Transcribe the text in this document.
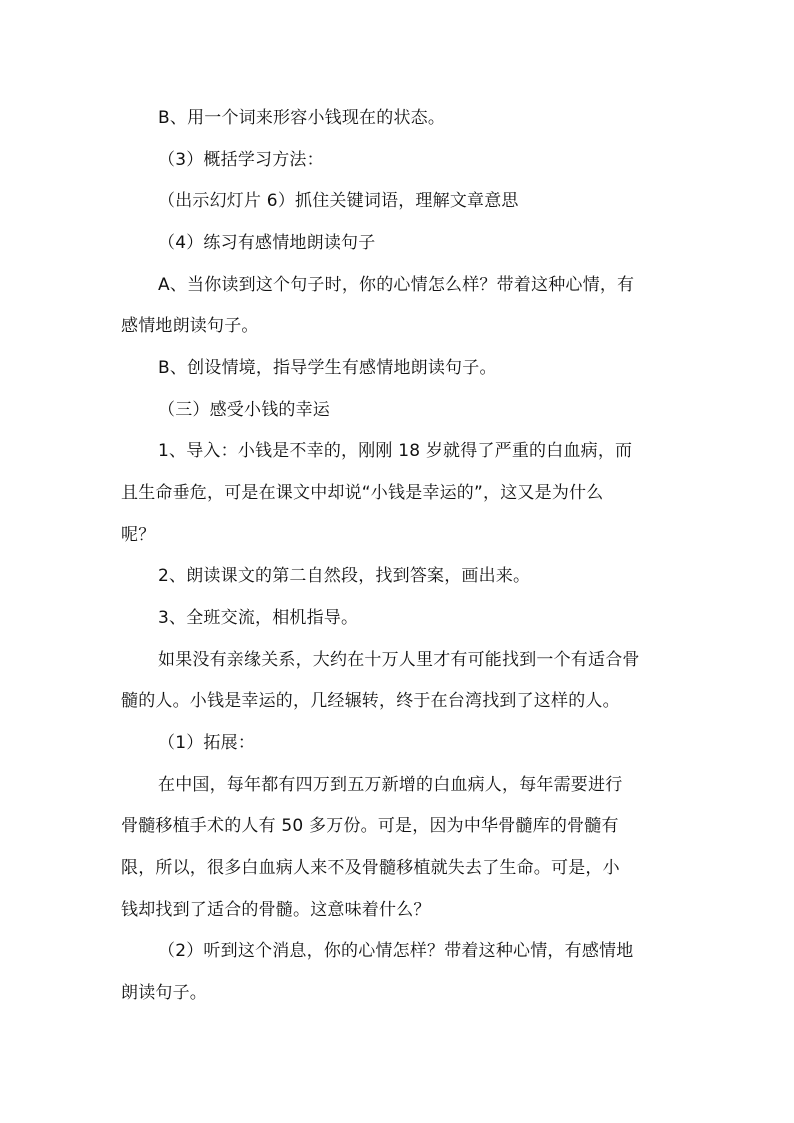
B、用一个词来形容小钱现在的状态。
（3）概括学习方法：
（出示幻灯片 6）抓住关键词语，理解文章意思
（4）练习有感情地朗读句子
A、当你读到这个句子时，你的心情怎么样？带着这种心情，有
感情地朗读句子。
B、创设情境，指导学生有感情地朗读句子。
（三）感受小钱的幸运
1、导入：小钱是不幸的，刚刚 18 岁就得了严重的白血病，而
且生命垂危，可是在课文中却说“小钱是幸运的”，这又是为什么
呢？
2、朗读课文的第二自然段，找到答案，画出来。
3、全班交流，相机指导。
如果没有亲缘关系，大约在十万人里才有可能找到一个有适合骨
髓的人。小钱是幸运的，几经辗转，终于在台湾找到了这样的人。
（1）拓展：
在中国，每年都有四万到五万新增的白血病人，每年需要进行
骨髓移植手术的人有 50 多万份。可是，因为中华骨髓库的骨髓有
限，所以，很多白血病人来不及骨髓移植就失去了生命。可是，小
钱却找到了适合的骨髓。这意味着什么？
（2）听到这个消息，你的心情怎样？带着这种心情，有感情地
朗读句子。
